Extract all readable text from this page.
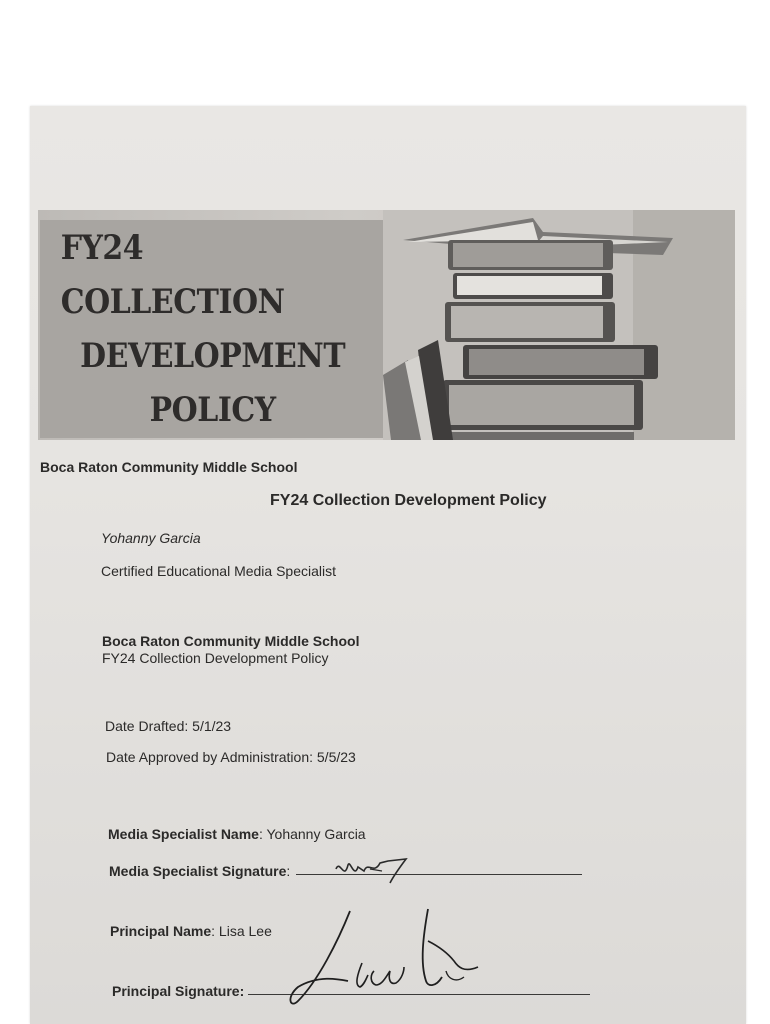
FY24 COLLECTION
DEVELOPMENT
POLICY
Boca Raton Community Middle School
FY24 Collection Development Policy
Yohanny Garcia
Certified Educational Media Specialist
Boca Raton Community Middle School
FY24 Collection Development Policy
Date Drafted: 5/1/23
Date Approved by Administration: 5/5/23
Media Specialist Name: Yohanny Garcia
Media Specialist Signature:
Principal Name: Lisa Lee
Principal Signature:
